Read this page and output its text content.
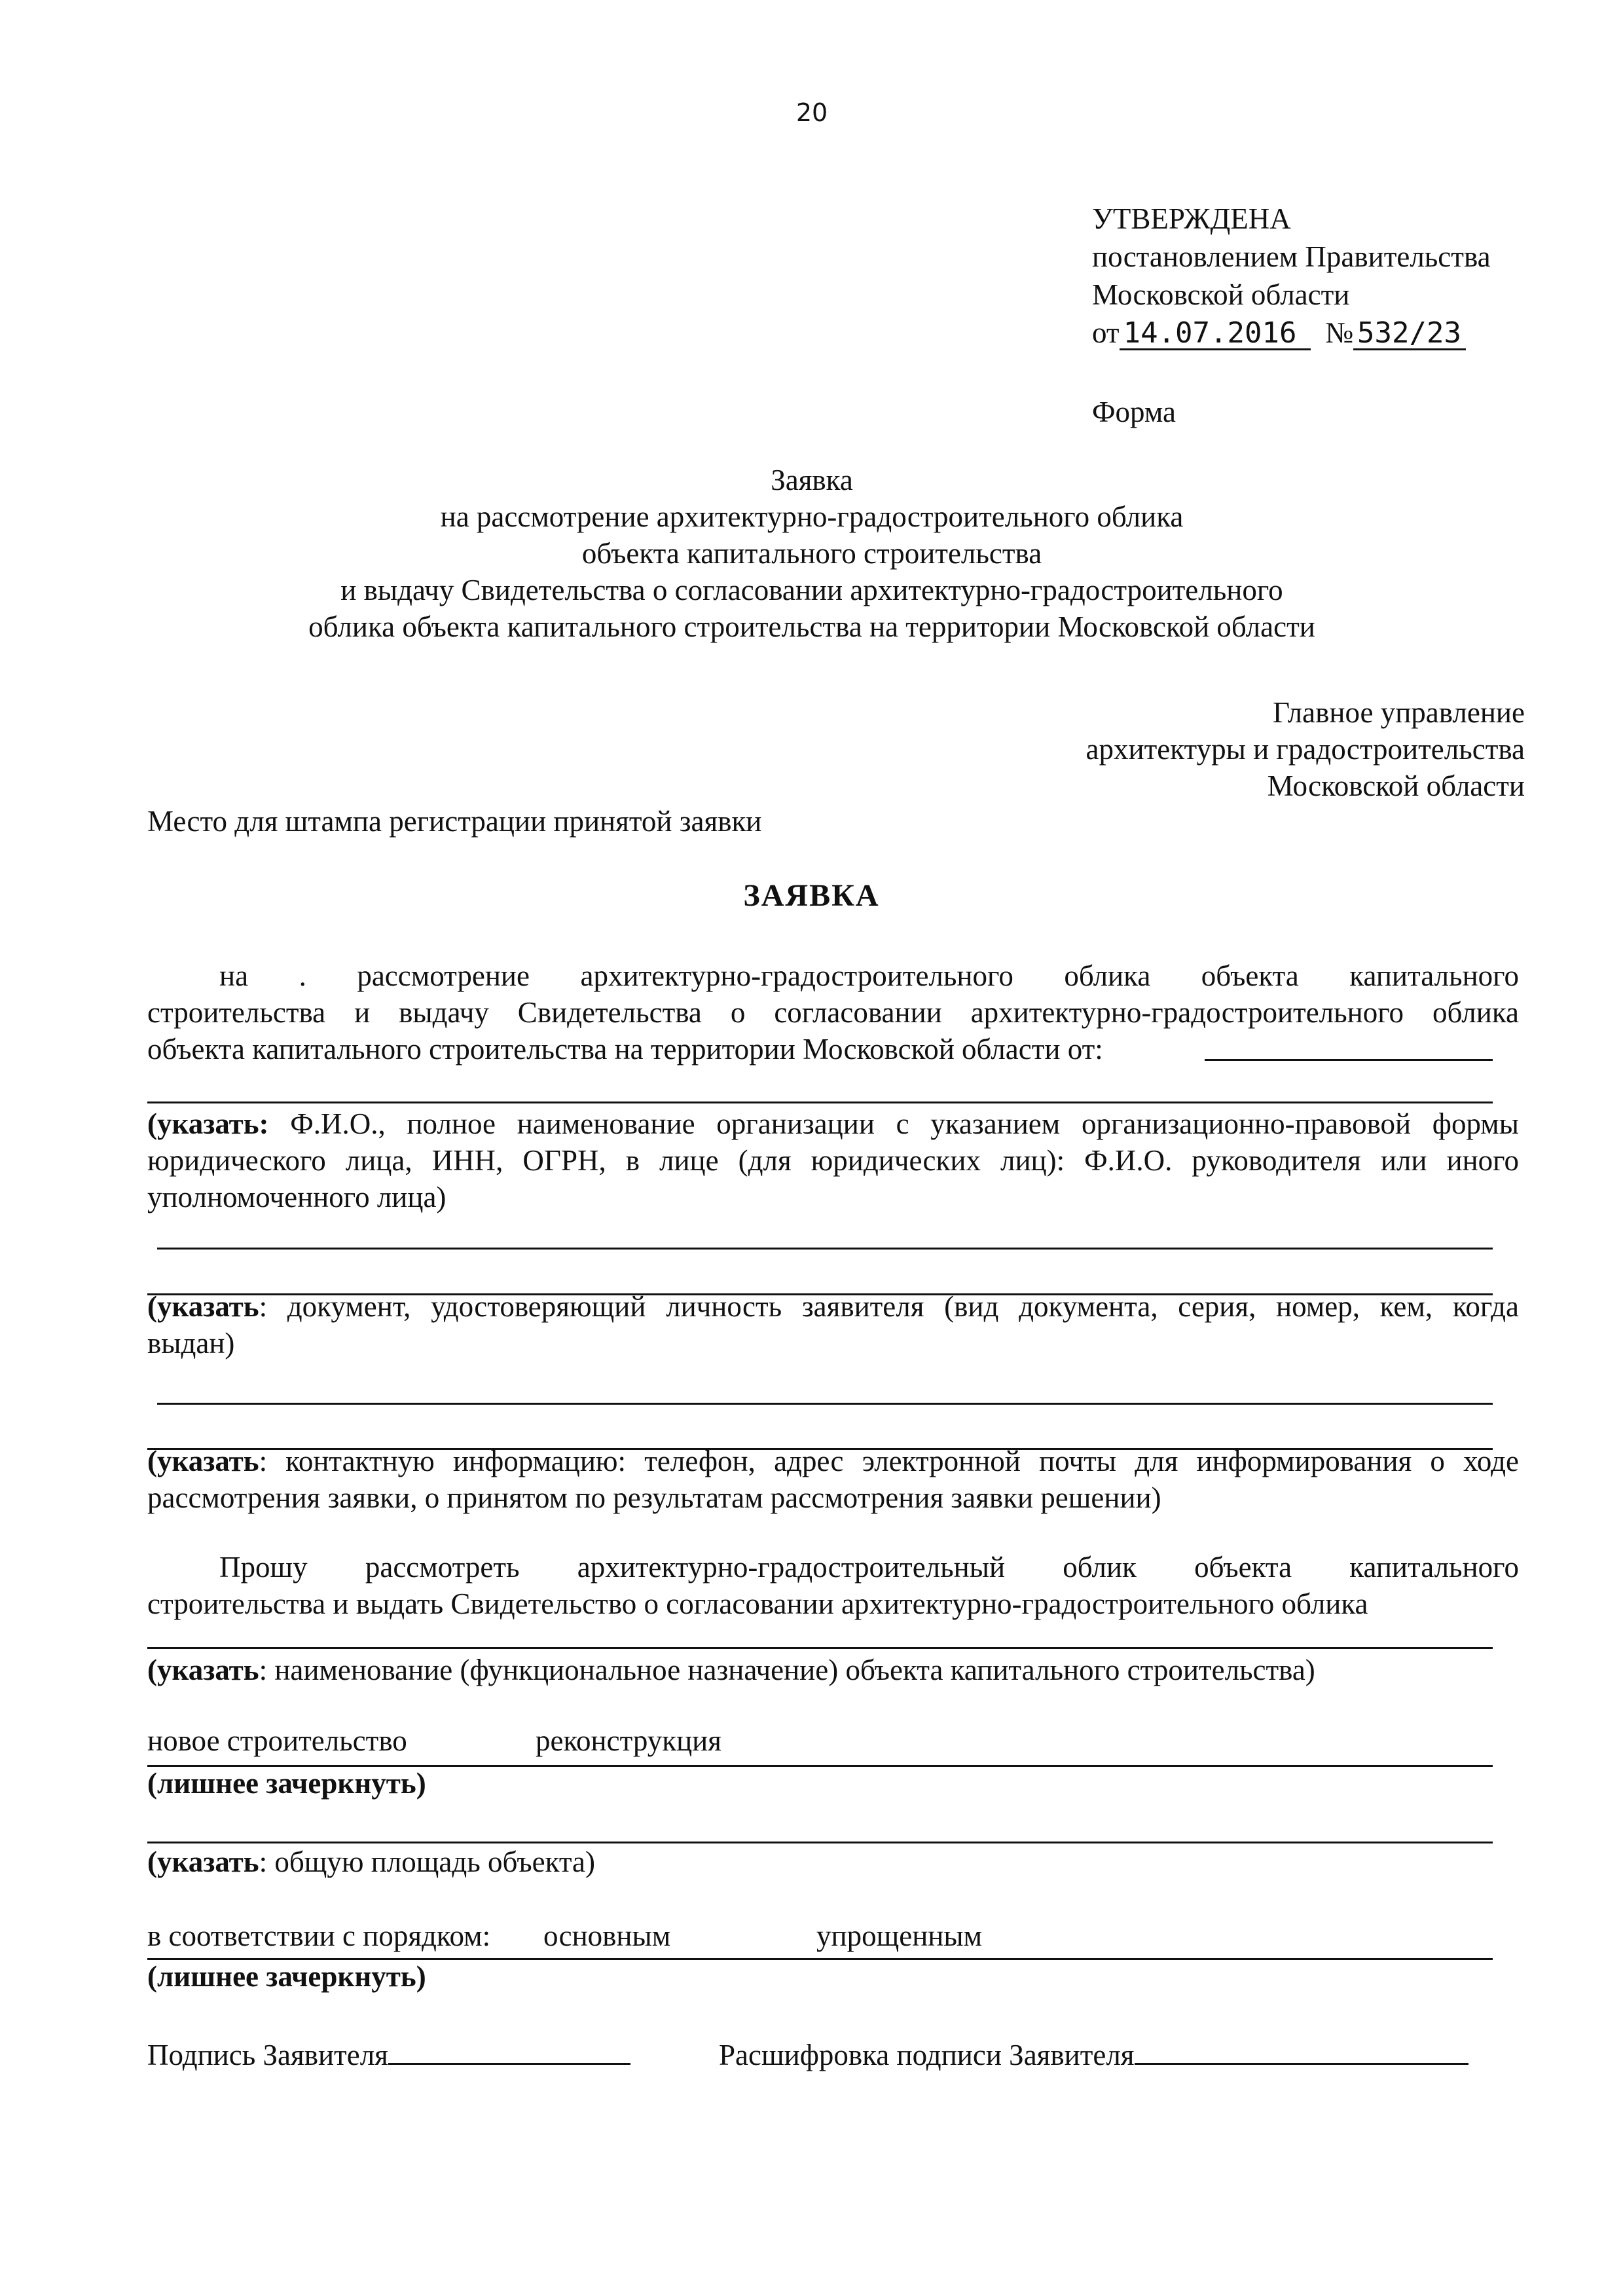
20
УТВЕРЖДЕНА
постановлением Правительства
Московской области
от 14.07.2016 № 532/23
Форма
Заявка
на рассмотрение архитектурно-градостроительного облика
объекта капитального строительства
и выдачу Свидетельства о согласовании архитектурно-градостроительного
облика объекта капитального строительства на территории Московской области
Главное управление
архитектуры и градостроительства
Московской области
Место для штампа регистрации принятой заявки
ЗАЯВКА
на . рассмотрение архитектурно-градостроительного облика объекта капитального
строительства и выдачу Свидетельства о согласовании архитектурно-градостроительного облика
объекта капитального строительства на территории Московской области от:
(указать: Ф.И.О., полное наименование организации с указанием организационно-правовой формы
юридического лица, ИНН, ОГРН, в лице (для юридических лиц): Ф.И.О. руководителя или иного
уполномоченного лица)
(указать: документ, удостоверяющий личность заявителя (вид документа, серия, номер, кем, когда
выдан)
(указать: контактную информацию: телефон, адрес электронной почты для информирования о ходе
рассмотрения заявки, о принятом по результатам рассмотрения заявки решении)
Прошу рассмотреть архитектурно-градостроительный облик объекта капитального
строительства и выдать Свидетельство о согласовании архитектурно-градостроительного облика
(указать: наименование (функциональное назначение) объекта капитального строительства)
новое строительство	реконструкция
(лишнее зачеркнуть)
(указать: общую площадь объекта)
в соответствии с порядком: основным	упрощенным
(лишнее зачеркнуть)
Подпись Заявителя	Расшифровка подписи Заявителя
